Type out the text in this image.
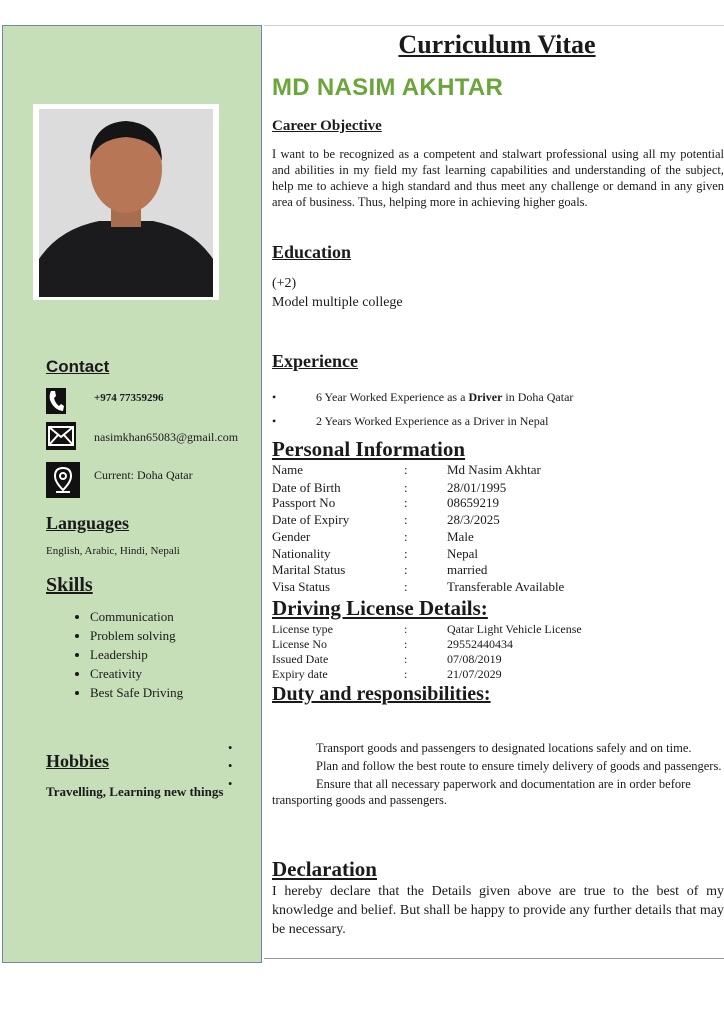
Contact
+974 77359296
nasimkhan65083@gmail.com
Current: Doha Qatar
Languages

English, Arabic, Hindi, Nepali

Skills
• Communication
• Problem solving
• Leadership
• Creativity
• Best Safe Driving
Hobbies

Travelling, Learning new things

Curriculum Vitae
MD NASIM AKHTAR
Career Objective

I want to be recognized as a competent and stalwart professional using all my potential and abilities in my field my fast learning capabilities and understanding of the subject, help me to achieve a high standard and thus meet any challenge or demand in any given area of business. Thus, helping more in achieving higher goals.

Education

(+2)

Model multiple college

Experience
• 6 Year Worked Experience as a Driver in Doha Qatar
• 2 Years Worked Experience as a Driver in Nepal
Personal Information
Name	:	Md Nasim Akhtar
Date of Birth	:	28/01/1995
Passport No	:	08659219
Date of Expiry	:	28/3/2025
Gender	:	Male
Nationality	:	Nepal
Marital Status	:	married
Visa Status	:	Transferable Available
Driving License Details:
License type	:	Qatar Light Vehicle License
License No	:	29552440434
Issued Date	:	07/08/2019
Expiry date	:	21/07/2029
Duty and responsibilities:
• Transport goods and passengers to designated locations safely and on time.
• Plan and follow the best route to ensure timely delivery of goods and passengers.
• Ensure that all necessary paperwork and documentation are in order before transporting goods and passengers.
Declaration

I hereby declare that the Details given above are true to the best of my knowledge and belief. But shall be happy to provide any further details that may be necessary.
